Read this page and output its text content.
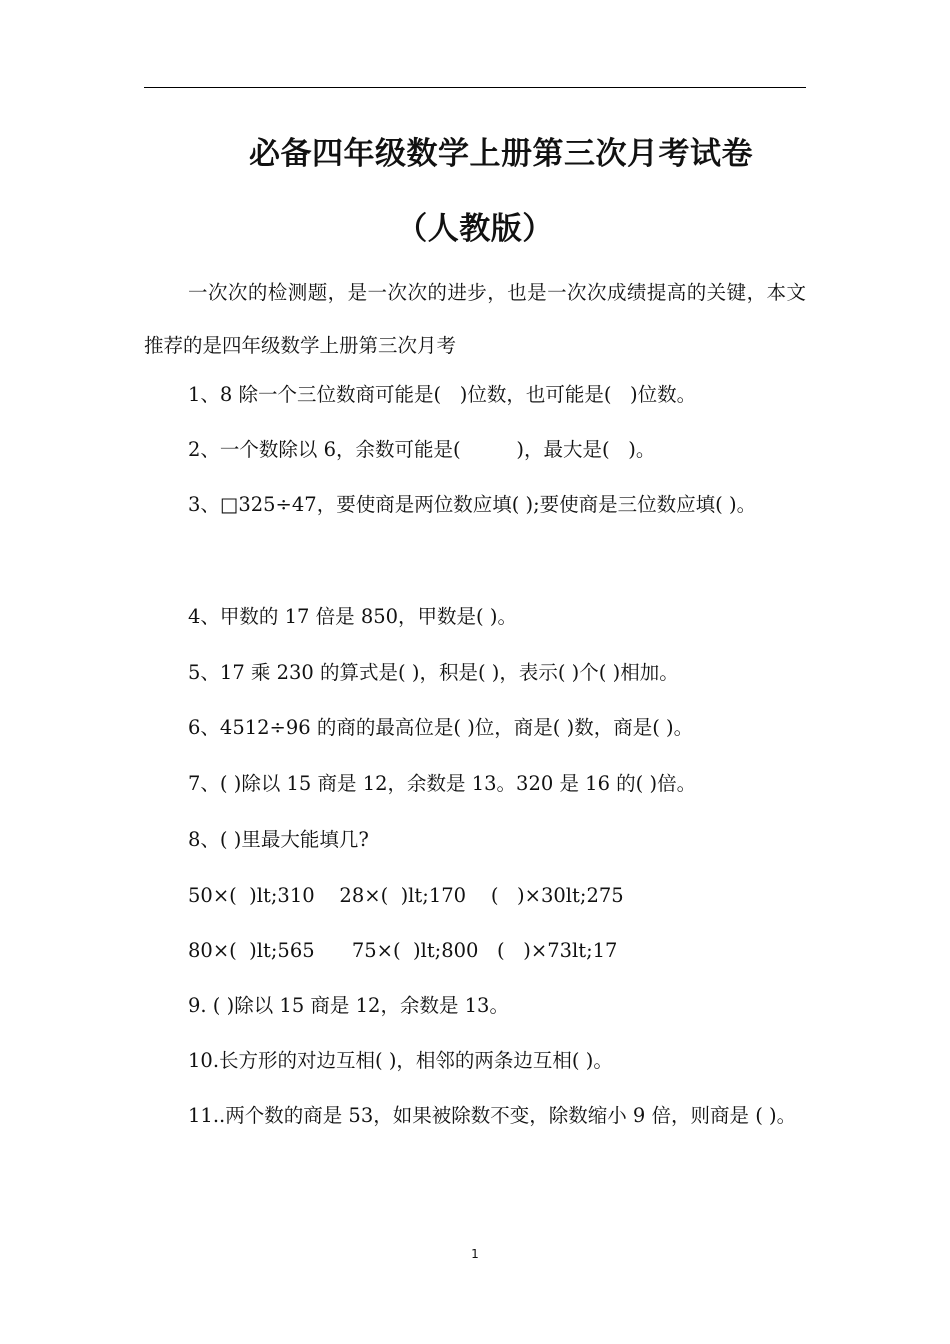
必备四年级数学上册第三次月考试卷
（人教版）
一次次的检测题，是一次次的进步，也是一次次成绩提高的关键，本文推荐的是四年级数学上册第三次月考
1、8 除一个三位数商可能是(   )位数，也可能是(   )位数。
2、一个数除以 6，余数可能是(         )，最大是(   )。
3、□325÷47，要使商是两位数应填( );要使商是三位数应填( )。
4、甲数的 17 倍是 850，甲数是( )。
5、17 乘 230 的算式是( )，积是( )，表示( )个( )相加。
6、4512÷96 的商的最高位是( )位，商是( )数，商是( )。
7、( )除以 15 商是 12，余数是 13。320 是 16 的( )倍。
8、( )里最大能填几?
50×(  )lt;310    28×(  )lt;170    (   )×30lt;275
80×(  )lt;565      75×(  )lt;800   (   )×73lt;17
9. ( )除以 15 商是 12，余数是 13。
10.长方形的对边互相( )，相邻的两条边互相( )。
11..两个数的商是 53，如果被除数不变，除数缩小 9 倍，则商是 ( )。
1
